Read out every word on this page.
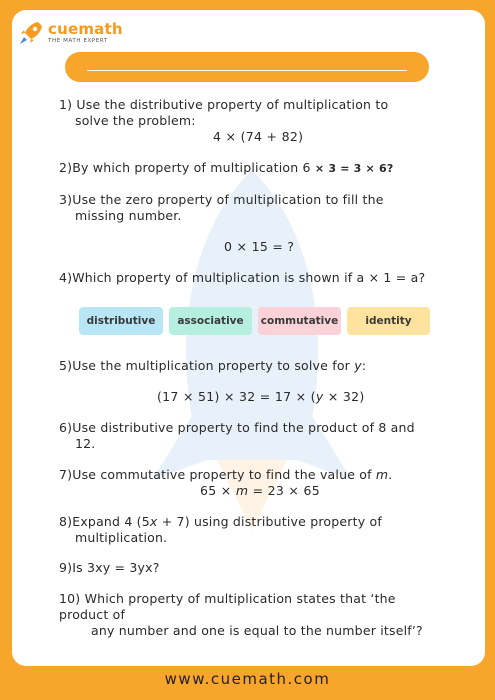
cuemath
THE MATH EXPERT
1) Use the distributive property of multiplication to
solve the problem:
4 × (74 + 82)
2)By which property of multiplication 6 × 3 = 3 × 6?
3)Use the zero property of multiplication to fill the
missing number.
0 × 15 = ?
4)Which property of multiplication is shown if a × 1 = a?
distributive	associative	commutative	identity
5)Use the multiplication property to solve for y:
(17 × 51) × 32 = 17 × (y × 32)
6)Use distributive property to find the product of 8 and
12.
7)Use commutative property to find the value of m.
65 × m = 23 × 65
8)Expand 4 (5x + 7) using distributive property of
multiplication.
9)Is 3xy = 3yx?
10) Which property of multiplication states that ‘the
product of
any number and one is equal to the number itself’?
www.cuemath.com
